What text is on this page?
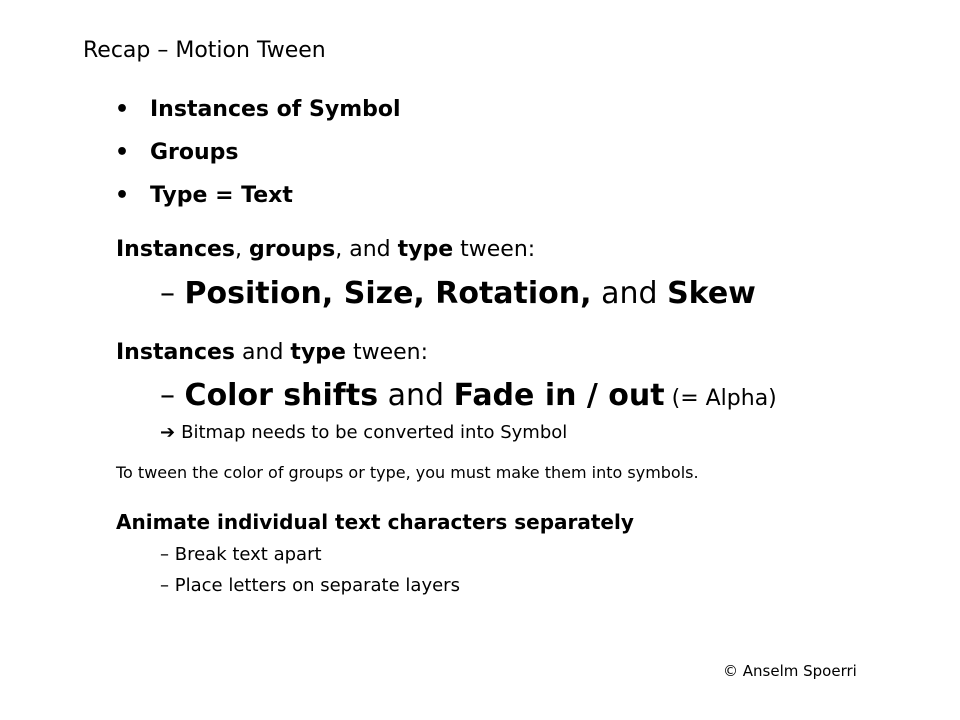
Recap – Motion Tween
• Instances of Symbol
• Groups
• Type = Text
Instances, groups, and type tween:
– Position, Size, Rotation, and Skew
Instances and type tween:
– Color shifts and Fade in / out (= Alpha)
➔ Bitmap needs to be converted into Symbol
To tween the color of groups or type, you must make them into symbols.
Animate individual text characters separately
– Break text apart
– Place letters on separate layers
© Anselm Spoerri
